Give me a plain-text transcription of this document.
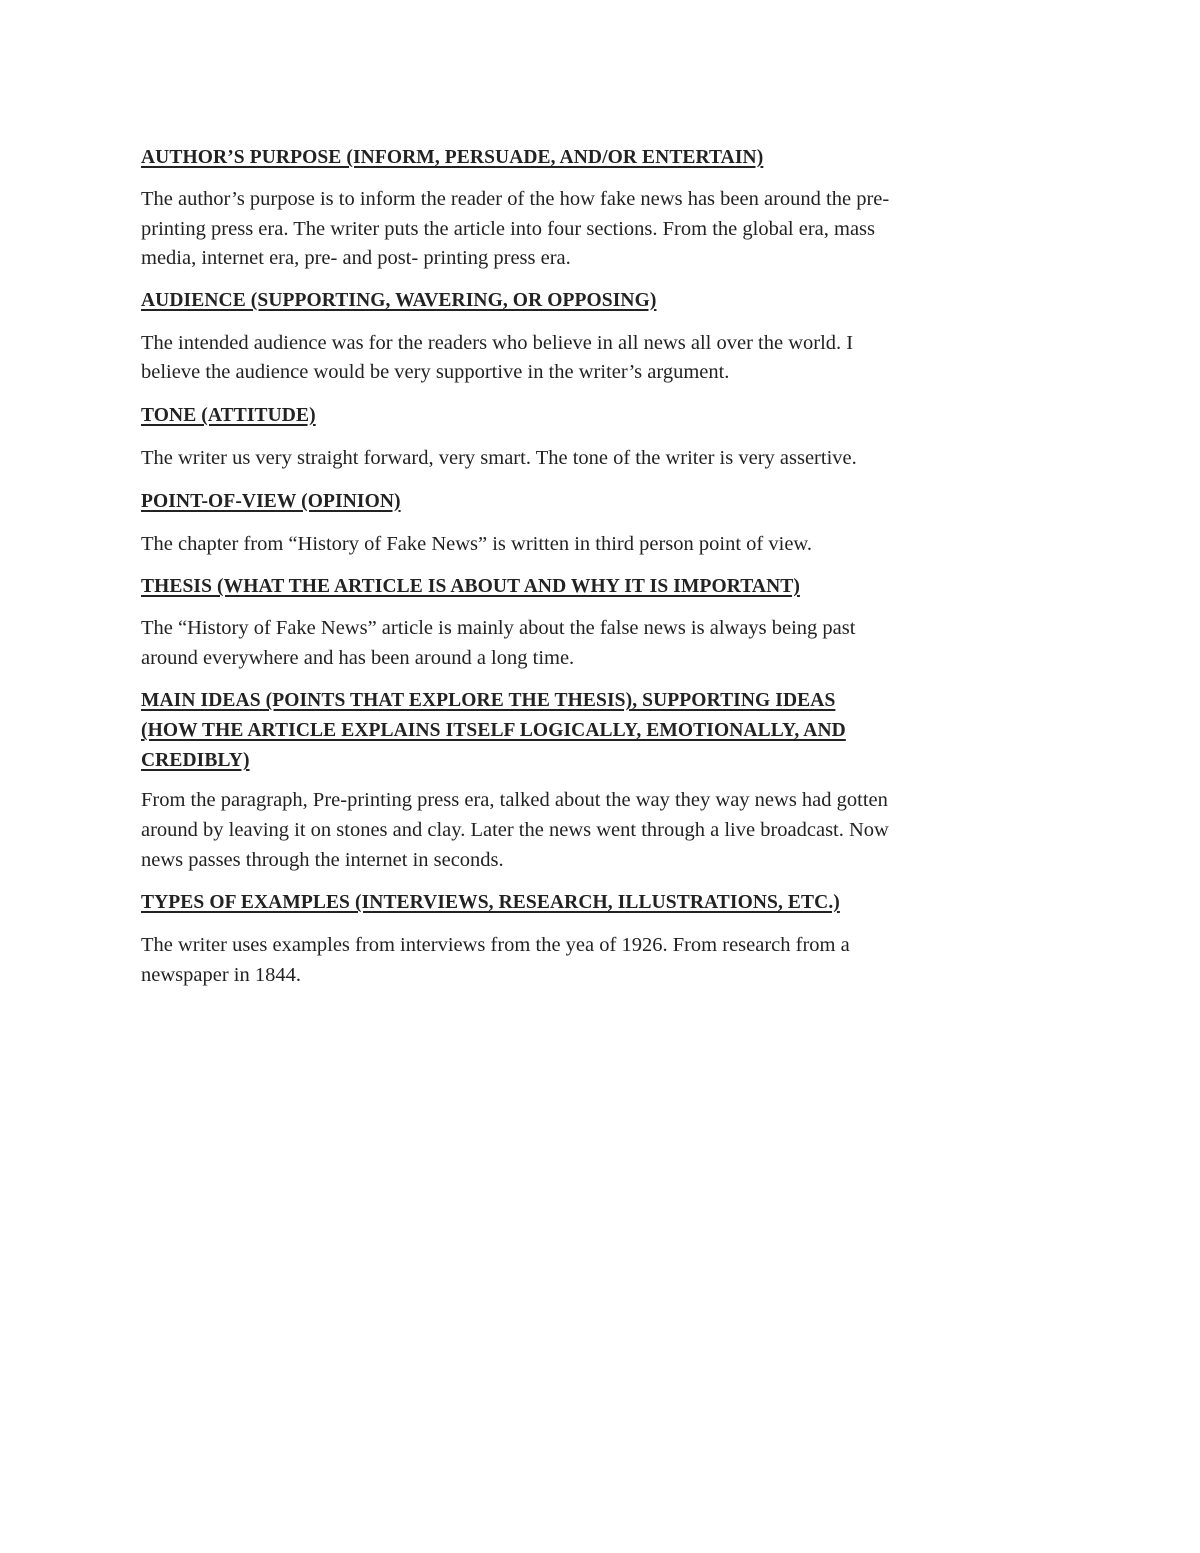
AUTHOR’S PURPOSE (INFORM, PERSUADE, AND/OR ENTERTAIN)
The author’s purpose is to inform the reader of the how fake news has been around the pre-
printing press era. The writer puts the article into four sections. From the global era, mass
media, internet era, pre- and post- printing press era.
AUDIENCE (SUPPORTING, WAVERING, OR OPPOSING)
The intended audience was for the readers who believe in all news all over the world. I
believe the audience would be very supportive in the writer’s argument.
TONE (ATTITUDE)
The writer us very straight forward, very smart. The tone of the writer is very assertive.
POINT-OF-VIEW (OPINION)
The chapter from “History of Fake News” is written in third person point of view.
THESIS (WHAT THE ARTICLE IS ABOUT AND WHY IT IS IMPORTANT)
The “History of Fake News” article is mainly about the false news is always being past
around everywhere and has been around a long time.
MAIN IDEAS (POINTS THAT EXPLORE THE THESIS), SUPPORTING IDEAS
(HOW THE ARTICLE EXPLAINS ITSELF LOGICALLY, EMOTIONALLY, AND
CREDIBLY)
From the paragraph, Pre-printing press era, talked about the way they way news had gotten
around by leaving it on stones and clay. Later the news went through a live broadcast. Now
news passes through the internet in seconds.
TYPES OF EXAMPLES (INTERVIEWS, RESEARCH, ILLUSTRATIONS, ETC.)
The writer uses examples from interviews from the yea of 1926. From research from a
newspaper in 1844.
